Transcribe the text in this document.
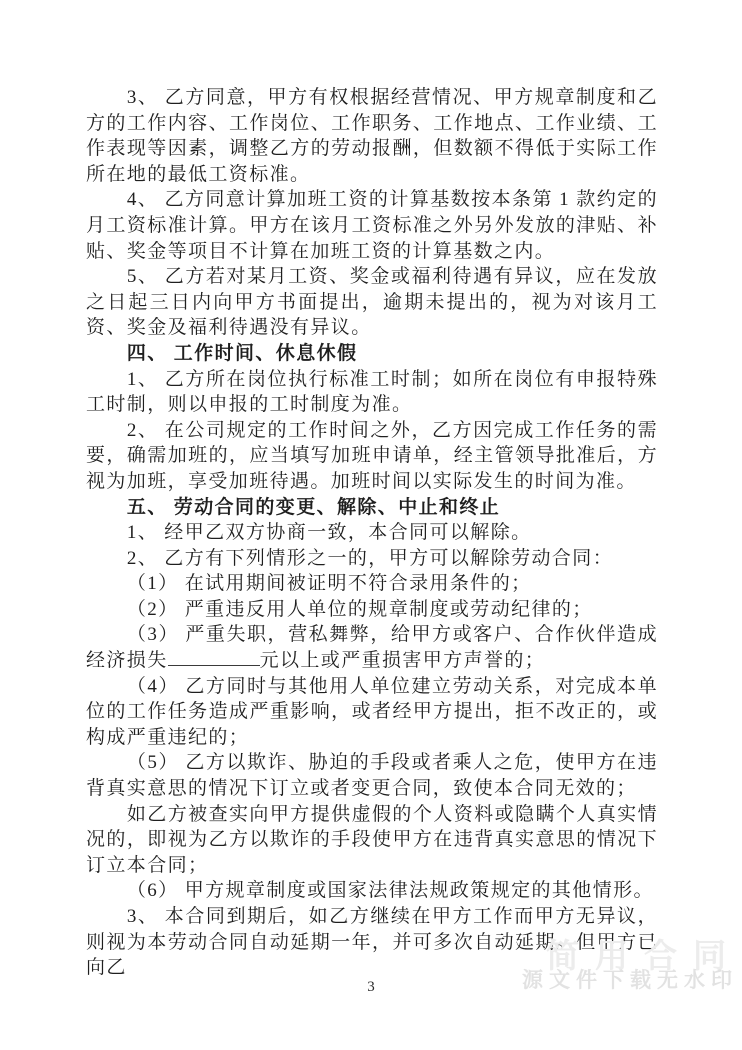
3、 乙方同意，甲方有权根据经营情况、甲方规章制度和乙方的工作内容、工作岗位、工作职务、工作地点、工作业绩、工作表现等因素，调整乙方的劳动报酬，但数额不得低于实际工作所在地的最低工资标准。

4、 乙方同意计算加班工资的计算基数按本条第 1 款约定的月工资标准计算。甲方在该月工资标准之外另外发放的津贴、补贴、奖金等项目不计算在加班工资的计算基数之内。

5、 乙方若对某月工资、奖金或福利待遇有异议，应在发放之日起三日内向甲方书面提出，逾期未提出的，视为对该月工资、奖金及福利待遇没有异议。

四、 工作时间、休息休假

1、 乙方所在岗位执行标准工时制；如所在岗位有申报特殊工时制，则以申报的工时制度为准。

2、 在公司规定的工作时间之外，乙方因完成工作任务的需要，确需加班的，应当填写加班申请单，经主管领导批准后，方视为加班，享受加班待遇。加班时间以实际发生的时间为准。

五、 劳动合同的变更、解除、中止和终止

1、 经甲乙双方协商一致，本合同可以解除。

2、 乙方有下列情形之一的，甲方可以解除劳动合同：

（1） 在试用期间被证明不符合录用条件的；

（2） 严重违反用人单位的规章制度或劳动纪律的；

（3） 严重失职，营私舞弊，给甲方或客户、合作伙伴造成经济损失	元以上或严重损害甲方声誉的；

（4） 乙方同时与其他用人单位建立劳动关系，对完成本单位的工作任务造成严重影响，或者经甲方提出，拒不改正的，或构成严重违纪的；

（5） 乙方以欺诈、胁迫的手段或者乘人之危，使甲方在违背真实意思的情况下订立或者变更合同，致使本合同无效的；

如乙方被查实向甲方提供虚假的个人资料或隐瞒个人真实情况的，即视为乙方以欺诈的手段使甲方在违背真实意思的情况下订立本合同；

（6） 甲方规章制度或国家法律法规政策规定的其他情形。

3、 本合同到期后，如乙方继续在甲方工作而甲方无异议，则视为本劳动合同自动延期一年，并可多次自动延期。但甲方已向乙	简用合同
源文件下载无水印
3
